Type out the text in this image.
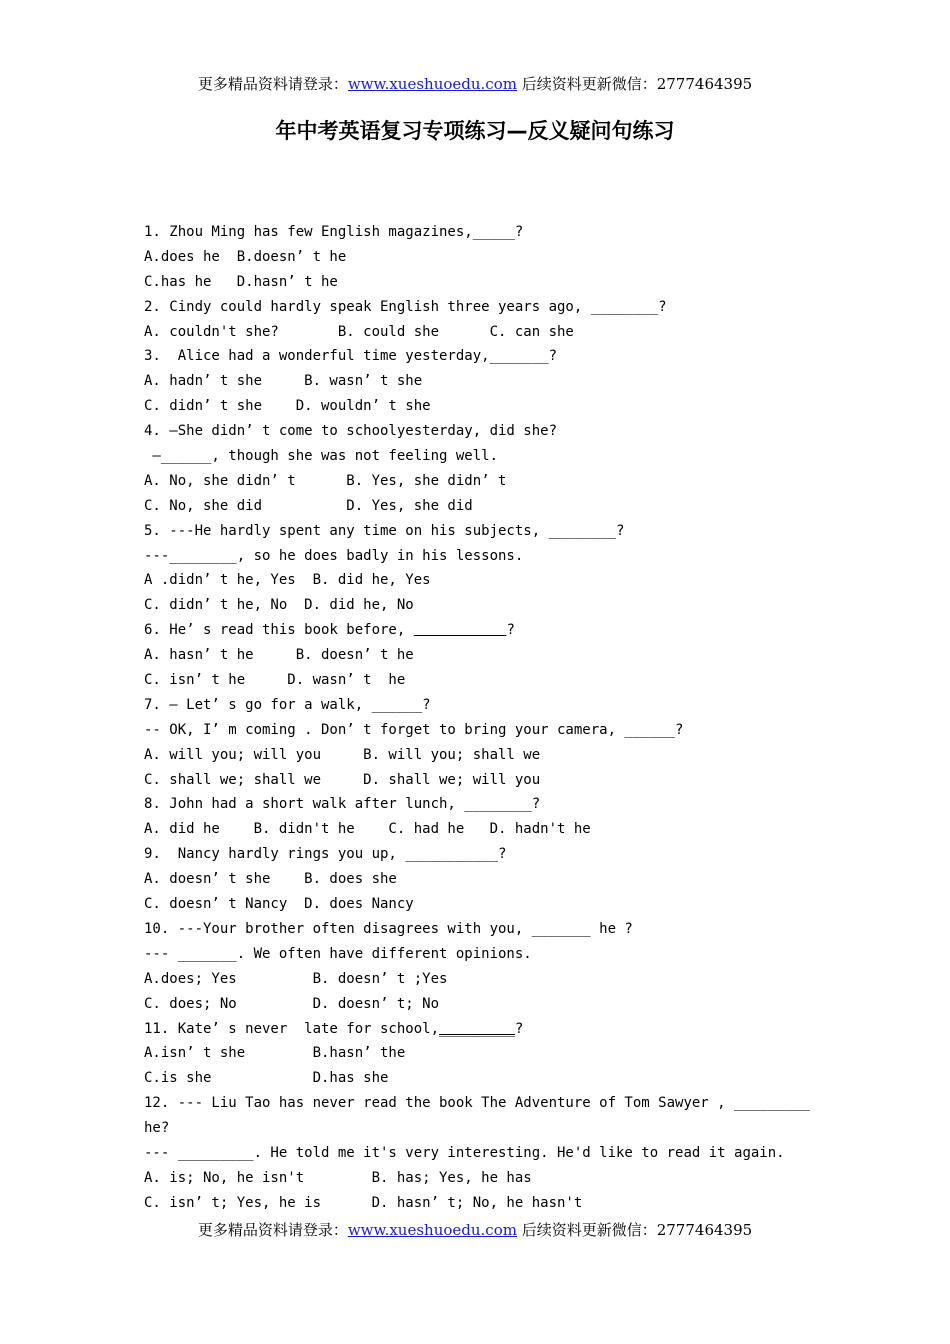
更多精品资料请登录：www.xueshuoedu.com 后续资料更新微信：2777464395
年中考英语复习专项练习—反义疑问句练习
1. Zhou Ming has few English magazines,_____?
A.does he  B.doesn’ t he
C.has he   D.hasn’ t he
2. Cindy could hardly speak English three years ago, ________?
A. couldn't she?       B. could she      C. can she
3.  Alice had a wonderful time yesterday,_______?
A. hadn’ t she     B. wasn’ t she
C. didn’ t she    D. wouldn’ t she
4. –She didn’ t come to schoolyesterday, did she?
–______, though she was not feeling well.
A. No, she didn’ t      B. Yes, she didn’ t
C. No, she did          D. Yes, she did
5. ---He hardly spent any time on his subjects, ________?
---________, so he does badly in his lessons.
A .didn’ t he, Yes  B. did he, Yes
C. didn’ t he, No  D. did he, No
6. He’ s read this book before,	?
A. hasn’ t he     B. doesn’ t he
C. isn’ t he     D. wasn’ t  he
7. – Let’ s go for a walk, ______?
-- OK, I’ m coming . Don’ t forget to bring your camera, ______?
A. will you; will you     B. will you; shall we
C. shall we; shall we     D. shall we; will you
8. John had a short walk after lunch, ________?
A. did he    B. didn't he    C. had he   D. hadn't he
9.  Nancy hardly rings you up, ___________?
A. doesn’ t she    B. does she
C. doesn’ t Nancy  D. does Nancy
10. ---Your brother often disagrees with you, _______ he ?
--- _______. We often have different opinions.
A.does; Yes         B. doesn’ t ;Yes
C. does; No         D. doesn’ t; No
11. Kate’ s never  late for school,_________?
A.isn’ t she        B.hasn’ the
C.is she            D.has she
12. --- Liu Tao has never read the book The Adventure of Tom Sawyer , _________
he?
--- _________. He told me it's very interesting. He'd like to read it again.
A. is; No, he isn't        B. has; Yes, he has
C. isn’ t; Yes, he is      D. hasn’ t; No, he hasn't
更多精品资料请登录：www.xueshuoedu.com 后续资料更新微信：2777464395
